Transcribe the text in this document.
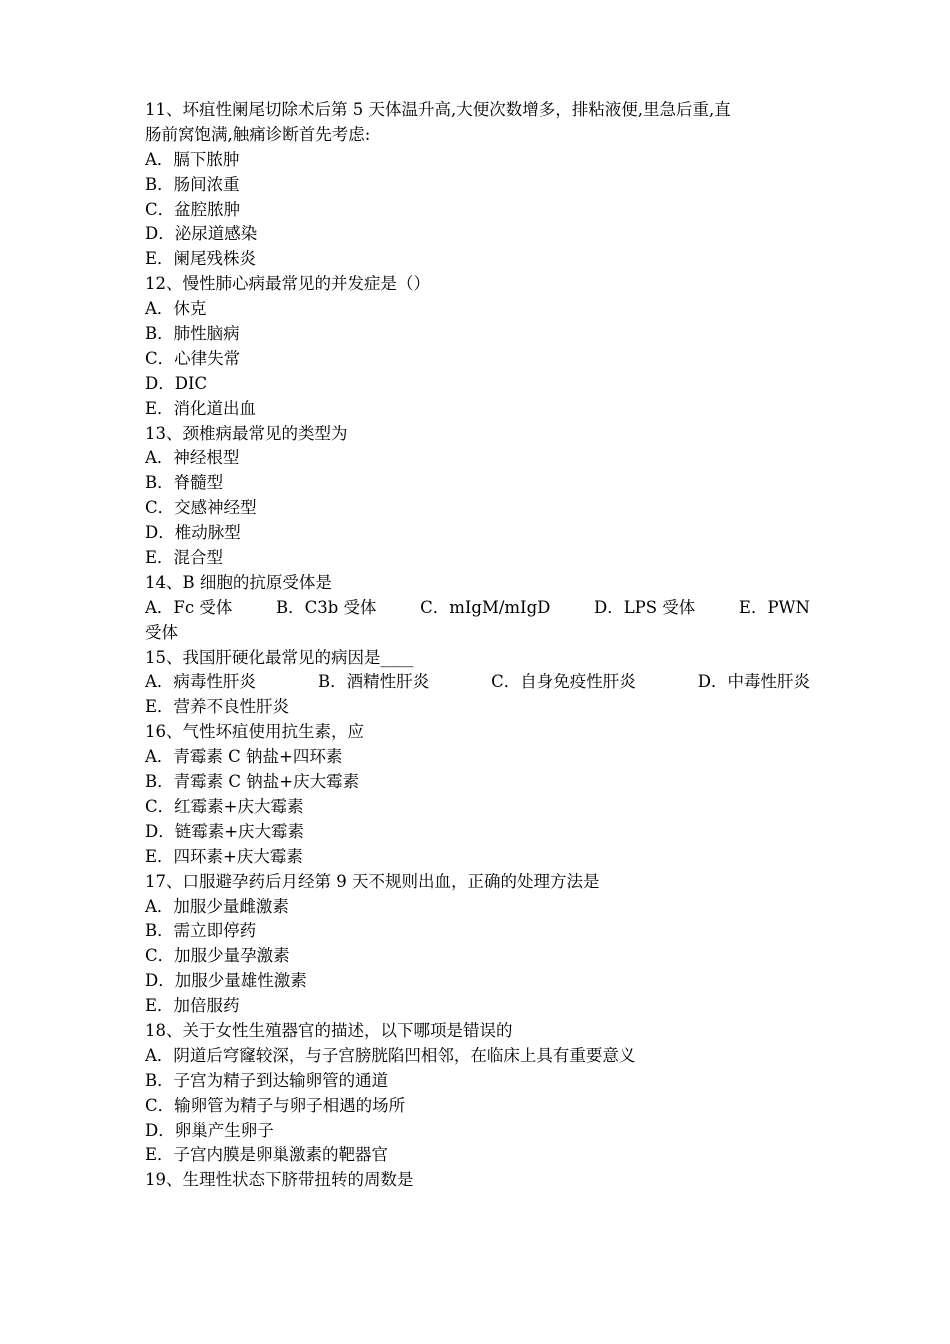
11、坏疽性阑尾切除术后第 5 天体温升高,大便次数增多，排粘液便,里急后重,直
肠前窝饱满,触痛诊断首先考虑:
A．膈下脓肿
B．肠间浓重
C．盆腔脓肿
D．泌尿道感染
E．阑尾残株炎
12、慢性肺心病最常见的并发症是（）
A．休克
B．肺性脑病
C．心律失常
D．DIC
E．消化道出血
13、颈椎病最常见的类型为
A．神经根型
B．脊髓型
C．交感神经型
D．椎动脉型
E．混合型
14、B 细胞的抗原受体是
A．Fc 受体	B．C3b 受体	C．mIgM/mIgD	D．LPS 受体	E．PWN
受体
15、我国肝硬化最常见的病因是____
A．病毒性肝炎	B．酒精性肝炎	C．自身免疫性肝炎	D．中毒性肝炎
E．营养不良性肝炎
16、气性坏疽使用抗生素，应
A．青霉素 C 钠盐+四环素
B．青霉素 C 钠盐+庆大霉素
C．红霉素+庆大霉素
D．链霉素+庆大霉素
E．四环素+庆大霉素
17、口服避孕药后月经第 9 天不规则出血，正确的处理方法是
A．加服少量雌激素
B．需立即停药
C．加服少量孕激素
D．加服少量雄性激素
E．加倍服药
18、关于女性生殖器官的描述，以下哪项是错误的
A．阴道后穹窿较深，与子宫膀胱陷凹相邻，在临床上具有重要意义
B．子宫为精子到达输卵管的通道
C．输卵管为精子与卵子相遇的场所
D．卵巢产生卵子
E．子宫内膜是卵巢激素的靶器官
19、生理性状态下脐带扭转的周数是
